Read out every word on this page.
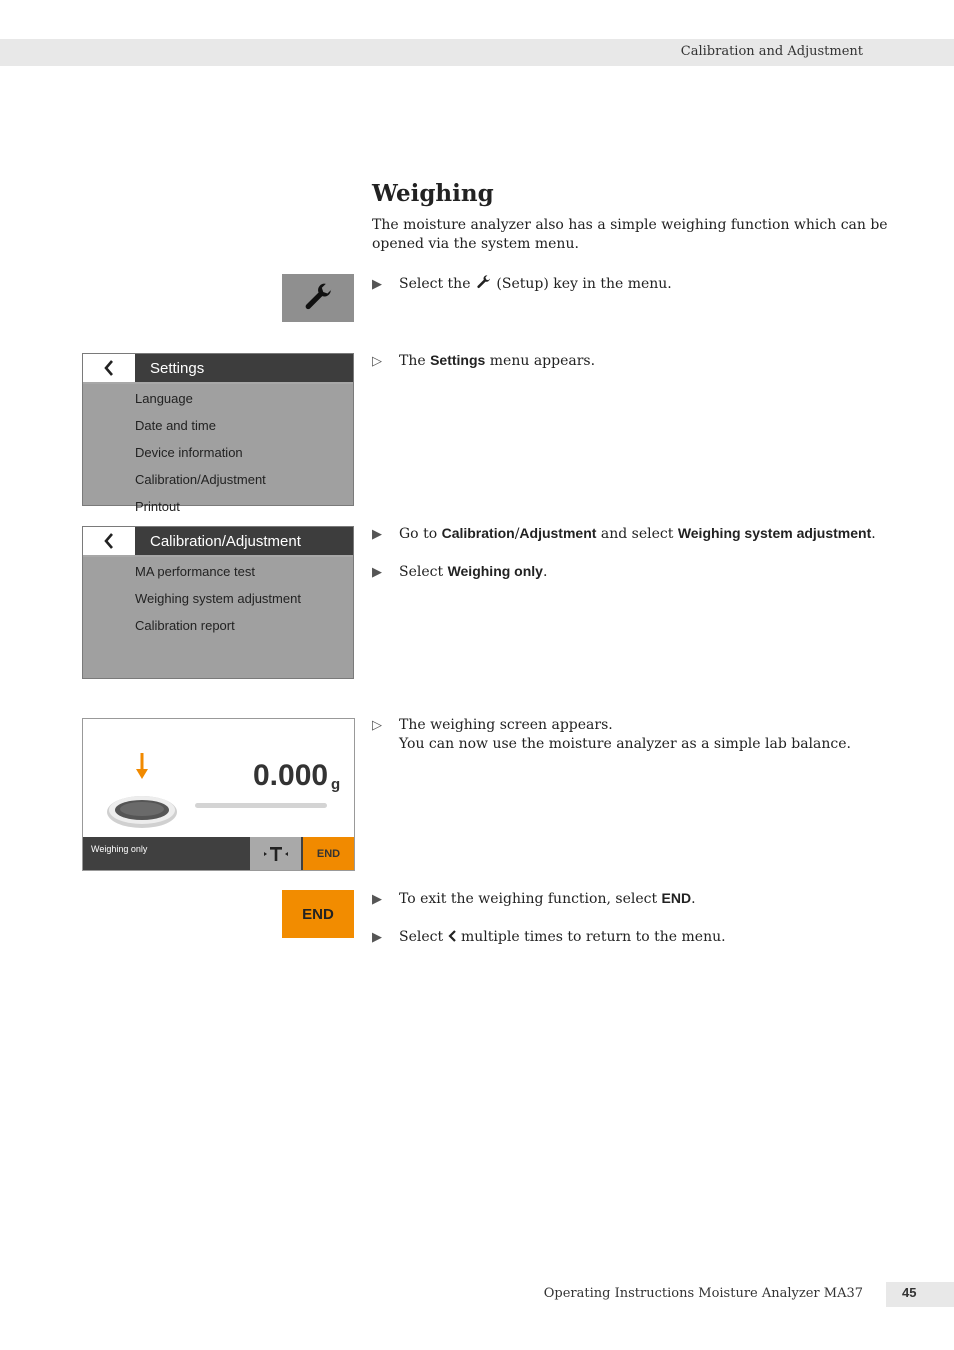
Calibration and Adjustment
Weighing

The moisture analyzer also has a simple weighing function which can be opened via the system menu.

▶ Select the (Setup) key in the menu.
Settings
Language
Date and time
Device information
Calibration/Adjustment
Printout
▷ The Settings menu appears.
Calibration/Adjustment
MA performance test
Weighing system adjustment
Calibration report
▶ Go to Calibration/Adjustment and select Weighing system adjustment.
▶ Select Weighing only.
0.000 g
Weighing only	END
▷ The weighing screen appears.
You can now use the moisture analyzer as a simple lab balance.
END
▶ To exit the weighing function, select END.
▶ Select multiple times to return to the menu.
Operating Instructions Moisture Analyzer MA37	45
